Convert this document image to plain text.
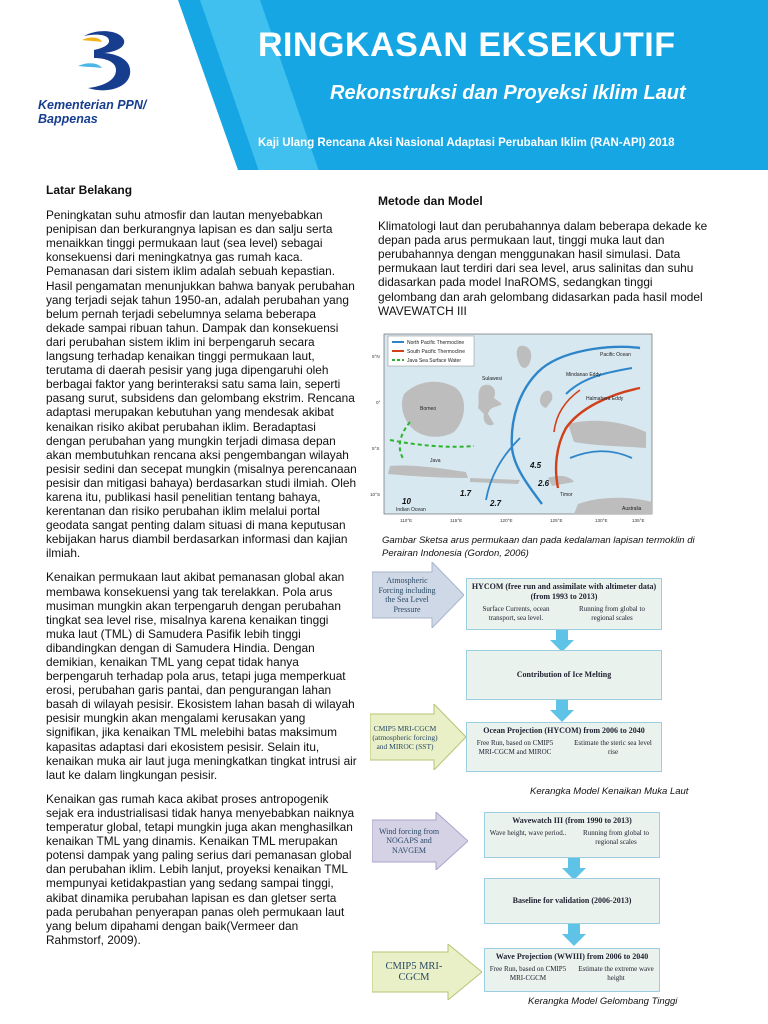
Kementerian PPN/
Bappenas
RINGKASAN EKSEKUTIF
Rekonstruksi dan Proyeksi Iklim Laut
Kaji Ulang Rencana Aksi Nasional Adaptasi Perubahan Iklim (RAN-API) 2018
Latar Belakang

Peningkatan suhu atmosfir dan lautan menyebabkan penipisan dan berkurangnya lapisan es dan salju serta menaikkan tinggi permukaan laut (sea level) sebagai konsekuensi dari meningkatnya gas rumah kaca. Pemanasan dari sistem iklim adalah sebuah kepastian. Hasil pengamatan menunjukkan bahwa banyak perubahan yang terjadi sejak tahun 1950-an, adalah perubahan yang belum pernah terjadi sebelumnya selama beberapa dekade sampai ribuan tahun. Dampak dan konsekuensi dari perubahan sistem iklim ini berpengaruh secara langsung terhadap kenaikan tinggi permukaan laut, terutama di daerah pesisir yang juga dipengaruhi oleh berbagai faktor yang berinteraksi satu sama lain, seperti pasang surut, subsidens dan gelombang ekstrim. Rencana adaptasi merupakan kebutuhan yang mendesak akibat kenaikan risiko akibat perubahan iklim. Beradaptasi dengan perubahan yang mungkin terjadi dimasa depan akan membutuhkan rencana aksi pengembangan wilayah pesisir sedini dan secepat mungkin (misalnya perencanaan pesisir dan mitigasi bahaya) berdasarkan studi ilmiah. Oleh karena itu, publikasi hasil penelitian tentang bahaya, kerentanan dan risiko perubahan iklim melalui portal geodata sangat penting dalam situasi di mana keputusan kebijakan harus diambil berdasarkan informasi dan kajian ilmiah.

Kenaikan permukaan laut akibat pemanasan global akan membawa konsekuensi yang tak terelakkan. Pola arus musiman mungkin akan terpengaruh dengan perubahan tingkat sea level rise, misalnya karena kenaikan tinggi muka laut (TML) di Samudera Pasifik lebih tinggi dibandingkan dengan di Samudera Hindia. Dengan demikian, kenaikan TML yang cepat tidak hanya berpengaruh terhadap pola arus, tetapi juga memperkuat erosi, perubahan garis pantai, dan pengurangan lahan basah di wilayah pesisir. Ekosistem lahan basah di wilayah pesisir mungkin akan mengalami kerusakan yang signifikan, jika kenaikan TML melebihi batas maksimum kapasitas adaptasi dari ekosistem pesisir. Selain itu, kenaikan muka air laut juga meningkatkan tingkat intrusi air laut ke dalam lingkungan pesisir.

Kenaikan gas rumah kaca akibat proses antropogenik sejak era industrialisasi tidak hanya menyebabkan naiknya temperatur global, tetapi mungkin juga akan menghasilkan kenaikan TML yang dinamis. Kenaikan TML merupakan potensi dampak yang paling serius dari pemanasan global dan perubahan iklim. Lebih lanjut, proyeksi kenaikan TML mempunyai ketidakpastian yang sedang sampai tinggi, akibat dinamika perubahan lapisan es dan gletser serta pada perubahan penyerapan panas oleh permukaan laut yang belum dipahami dengan baik(Vermeer dan Rahmstorf, 2009).

Metode dan Model

Klimatologi laut dan perubahannya dalam beberapa dekade ke depan pada arus permukaan laut, tinggi muka laut dan perubahannya dengan menggunakan hasil simulasi. Data permukaan laut terdiri dari sea level, arus salinitas dan suhu didasarkan pada model InaROMS, sedangkan tinggi gelombang dan arah gelombang didasarkan pada hasil model WAVEWATCH III

North Pacific Thermocline
South Pacific Thermocline
Java Sea Surface Water
Borneo
Sulawesi
Java
Timor
Australia
Pacific Ocean
Indian Ocean
Mindanao Eddy
Halmahera Eddy
10
1.7
2.6
4.5
2.7
5°N
0°
5°S
10°S
110°E	115°E	120°E	125°E	130°E	135°E
Gambar Sketsa arus permukaan dan pada kedalaman lapisan termoklin di Perairan Indonesia (Gordon, 2006)
Atmospheric Forcing including the Sea Level Pressure
HYCOM (free run and assimilate with altimeter data) (from 1993 to 2013)
Surface Currents, ocean transport, sea level.
Running from global to regional scales
Contribution of Ice Melting
CMIP5 MRI-CGCM (atmospheric forcing) and MIROC (SST)
Ocean Projection (HYCOM) from 2006 to 2040
Free Run, based on CMIP5 MRI-CGCM and MIROC
Estimate the steric sea level rise
Kerangka Model Kenaikan Muka Laut
Wind forcing from NOGAPS and NAVGEM
Wavewatch III (from 1990 to 2013)
Wave height, wave period..	Running from global to regional scales
Baseline for validation (2006-2013)
CMIP5 MRI-CGCM
Wave Projection (WWIII) from 2006 to 2040
Free Run, based on CMIP5 MRI-CGCM
Estimate the extreme wave height
Kerangka Model Gelombang Tinggi
